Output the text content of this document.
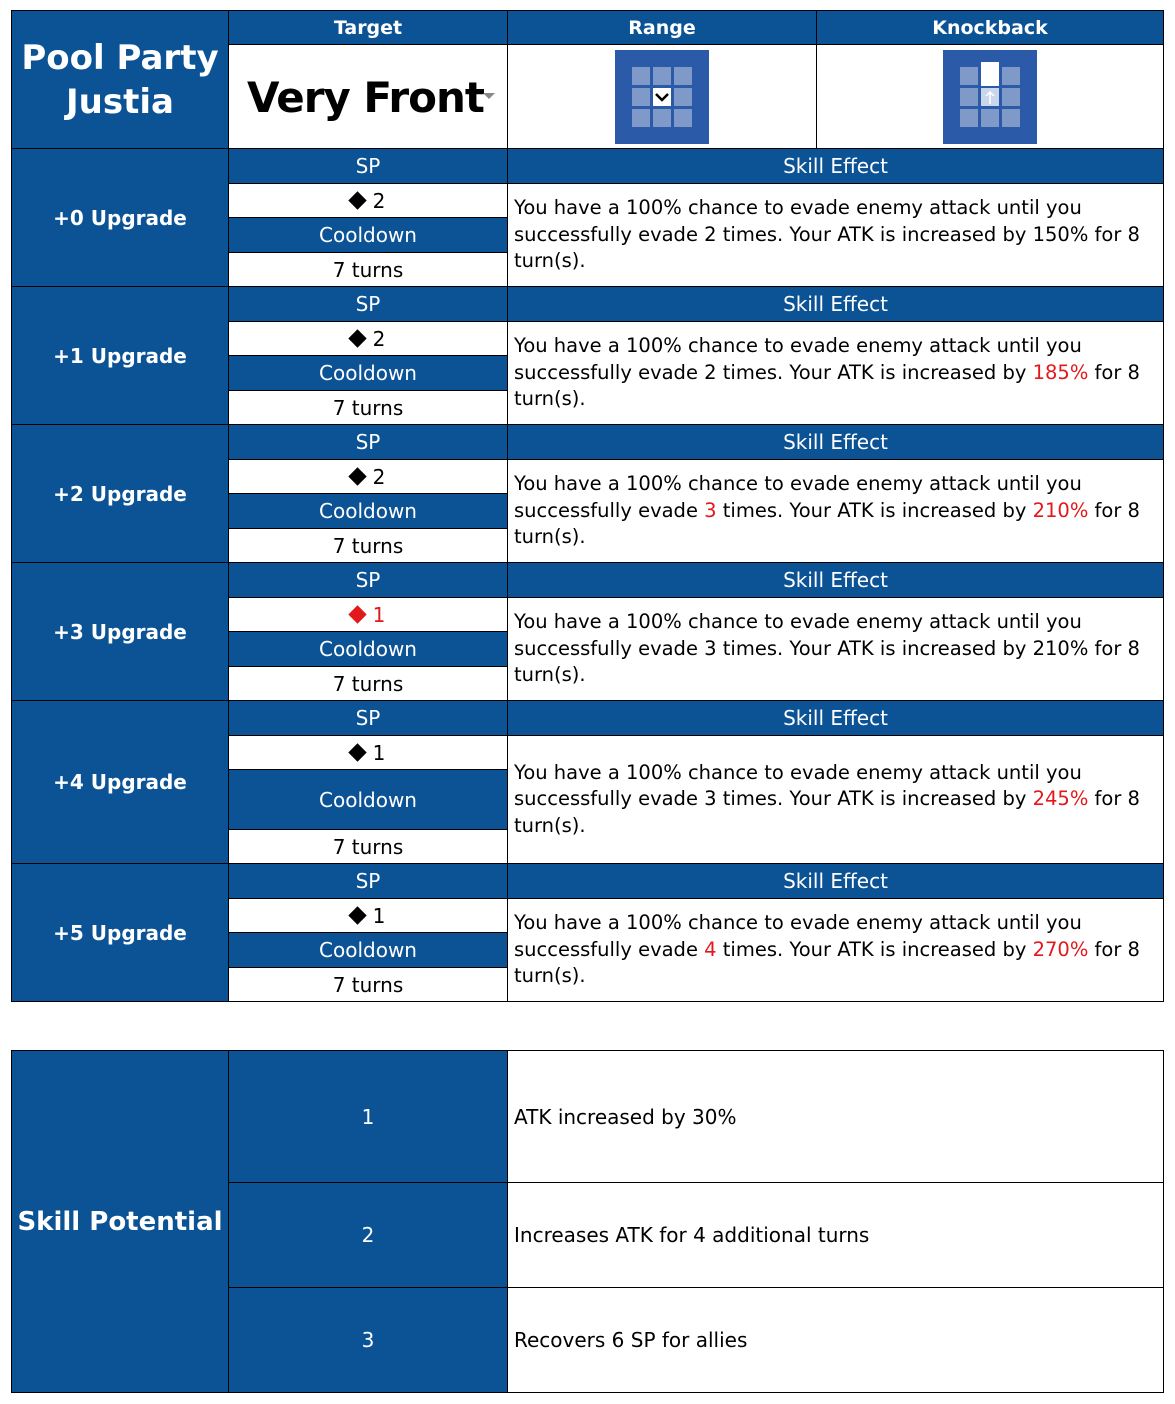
Pool Party Justia	Target	Range	Knockback

	Very Front

+0 Upgrade	SP	Skill Effect	
	2	You have a 100% chance to evade enemy attack until you successfully evade 2 times. Your ATK is increased by 150% for 8 turn(s).	
	Cooldown		
	7 turns		
+1 Upgrade	SP	Skill Effect	
	2	You have a 100% chance to evade enemy attack until you successfully evade 2 times. Your ATK is increased by 185% for 8 turn(s).	
	Cooldown		
	7 turns		
+2 Upgrade	SP	Skill Effect	
	2	You have a 100% chance to evade enemy attack until you successfully evade 3 times. Your ATK is increased by 210% for 8 turn(s).	
	Cooldown		
	7 turns		
+3 Upgrade	SP	Skill Effect	
	1	You have a 100% chance to evade enemy attack until you successfully evade 3 times. Your ATK is increased by 210% for 8 turn(s).	
	Cooldown		
	7 turns		
+4 Upgrade	SP	Skill Effect	
	1	You have a 100% chance to evade enemy attack until you successfully evade 3 times. Your ATK is increased by 245% for 8 turn(s).	
	Cooldown		
	7 turns		
+5 Upgrade	SP	Skill Effect	
	1	You have a 100% chance to evade enemy attack until you successfully evade 4 times. Your ATK is increased by 270% for 8 turn(s).	
	Cooldown		
	7 turns		
Skill Potential	1	ATK increased by 30%
	2	Increases ATK for 4 additional turns
	3	Recovers 6 SP for allies
